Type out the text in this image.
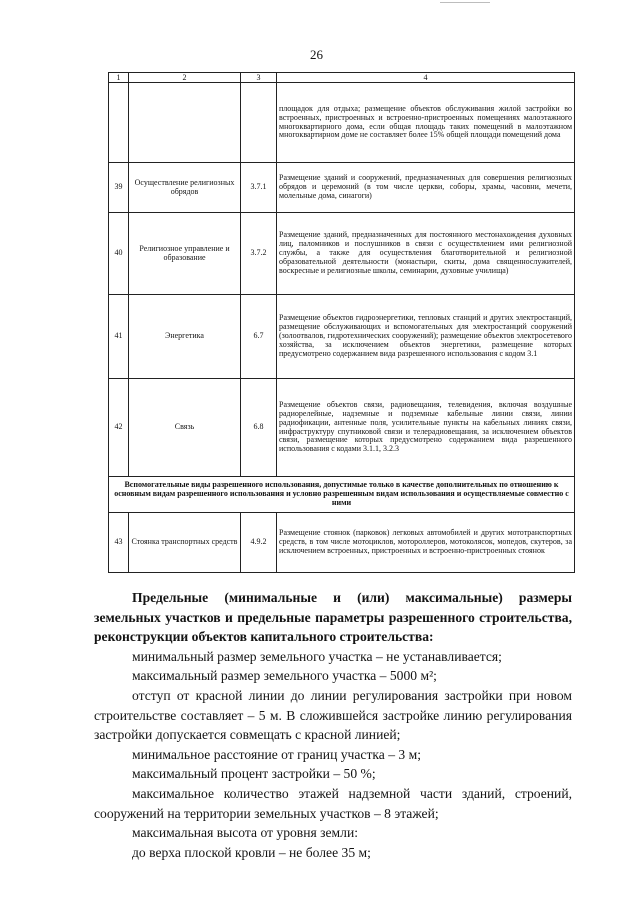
26
1	2	3	4
			площадок для отдыха; размещение объектов обслуживания жилой застройки во встроенных, пристроенных и встроенно-пристроенных помещениях малоэтажного многоквартирного дома, если общая площадь таких помещений в малоэтажном многоквартирном доме не составляет более 15% общей площади помещений дома
39	Осуществление религиозных обрядов	3.7.1	Размещение зданий и сооружений, предназначенных для совершения религиозных обрядов и церемоний (в том числе церкви, соборы, храмы, часовни, мечети, молельные дома, синагоги)
40	Религиозное управление и образование	3.7.2	Размещение зданий, предназначенных для постоянного местонахождения духовных лиц, паломников и послушников в связи с осуществлением ими религиозной службы, а также для осуществления благотворительной и религиозной образовательной деятельности (монастыри, скиты, дома священнослужителей, воскресные и религиозные школы, семинарии, духовные училища)
41	Энергетика	6.7	Размещение объектов гидроэнергетики, тепловых станций и других электростанций, размещение обслуживающих и вспомогательных для электростанций сооружений (золоотвалов, гидротехнических сооружений); размещение объектов электросетевого хозяйства, за исключением объектов энергетики, размещение которых предусмотрено содержанием вида разрешенного использования с кодом 3.1
42	Связь	6.8	Размещение объектов связи, радиовещания, телевидения, включая воздушные радиорелейные, надземные и подземные кабельные линии связи, линии радиофикации, антенные поля, усилительные пункты на кабельных линиях связи, инфраструктуру спутниковой связи и телерадиовещания, за исключением объектов связи, размещение которых предусмотрено содержанием вида разрешенного использования с кодами 3.1.1, 3.2.3
Вспомогательные виды разрешенного использования, допустимые только в качестве дополнительных по отношению к основным видам разрешенного использования и условно разрешенным видам использования и осуществляемые совместно с ними			
43	Стоянка транспортных средств	4.9.2	Размещение стоянок (парковок) легковых автомобилей и других мототранспортных средств, в том числе мотоциклов, мотороллеров, мотоколясок, мопедов, скутеров, за исключением встроенных, пристроенных и встроенно-пристроенных стоянок

Предельные (минимальные и (или) максимальные) размеры земельных участков и предельные параметры разрешенного строительства, реконструкции объектов капитального строительства:

минимальный размер земельного участка – не устанавливается;

максимальный размер земельного участка – 5000 м²;

отступ от красной линии до линии регулирования застройки при новом строительстве составляет – 5 м. В сложившейся застройке линию регулирования застройки допускается совмещать с красной линией;

минимальное расстояние от границ участка – 3 м;

максимальный процент застройки – 50 %;

максимальное количество этажей надземной части зданий, строений, сооружений на территории земельных участков – 8 этажей;

максимальная высота от уровня земли:

до верха плоской кровли – не более 35 м;
